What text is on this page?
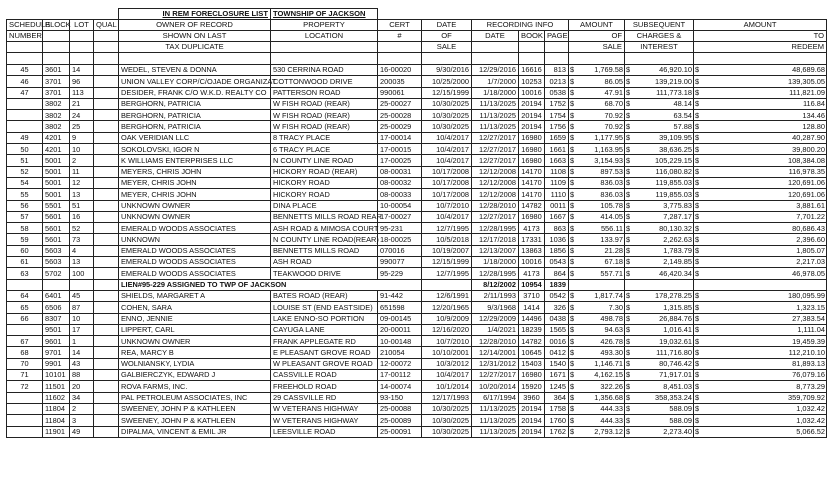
				IN REM FORECLOSURE LIST	TOWNSHIP OF JACKSON											
SCHEDULE	BLOCK	LOT	QUAL	OWNER OF RECORD	PROPERTY	CERT	DATE	RECORDING INFO			AMOUNT		SUBSEQUENT		AMOUNT	
NUMBER				SHOWN ON LAST	LOCATION	#	OF	DATE	BOOK	PAGE	OF		CHARGES &		TO	
				TAX DUPLICATE			SALE				SALE		INTEREST		REDEEM	

45	3601	14		WEDEL, STEVEN & DONNA	530 CERRINA ROAD	16-00020	9/30/2016	12/29/2016	16616	813	$	1,769.58	$	46,920.10	$	48,689.68
46	3701	96		UNION VALLEY CORP/C/OJADE ORGANIZAT	COTTONWOOD DRIVE	200035	10/25/2000	1/7/2000	10253	0213	$	86.05	$	139,219.00	$	139,305.05
47	3701	113		DESIDER, FRANK C/O W.K.D. REALTY CO	PATTERSON ROAD	990061	12/15/1999	1/18/2000	10016	0538	$	47.91	$	111,773.18	$	111,821.09
	3802	21		BERGHORN, PATRICIA	W FISH ROAD (REAR)	25-00027	10/30/2025	11/13/2025	20194	1752	$	68.70	$	48.14	$	116.84
	3802	24		BERGHORN, PATRICIA	W FISH ROAD (REAR)	25-00028	10/30/2025	11/13/2025	20194	1754	$	70.92	$	63.54	$	134.46
	3802	25		BERGHORN, PATRICIA	W FISH ROAD (REAR)	25-00029	10/30/2025	11/13/2025	20194	1756	$	70.92	$	57.88	$	128.80
49	4201	9		OAK VERIDIAN LLC	8 TRACY PLACE	17-00014	10/4/2017	12/27/2017	16980	1659	$	1,177.95	$	39,109.95	$	40,287.90
50	4201	10		SOKOLOVSKI, IGOR N	6 TRACY PLACE	17-00015	10/4/2017	12/27/2017	16980	1661	$	1,163.95	$	38,636.25	$	39,800.20
51	5001	2		K WILLIAMS ENTERPRISES LLC	N COUNTY LINE ROAD	17-00025	10/4/2017	12/27/2017	16980	1663	$	3,154.93	$	105,229.15	$	108,384.08
52	5001	11		MEYERS, CHRIS JOHN	HICKORY ROAD (REAR)	08-00031	10/17/2008	12/12/2008	14170	1108	$	897.53	$	116,080.82	$	116,978.35
54	5001	12		MEYER, CHRIS JOHN	HICKORY ROAD	08-00032	10/17/2008	12/12/2008	14170	1109	$	836.03	$	119,855.03	$	120,691.06
55	5001	13		MEYER, CHRIS JOHN	HICKORY ROAD	08-00033	10/17/2008	12/12/2008	14170	1110	$	836.03	$	119,855.03	$	120,691.06
56	5501	51		UNKNOWN OWNER	DINA PLACE	10-00054	10/7/2010	12/28/2010	14782	0011	$	105.78	$	3,775.83	$	3,881.61
57	5601	16		UNKNOWN OWNER	BENNETTS MILLS ROAD REAR	17-00027	10/4/2017	12/27/2017	16980	1667	$	414.05	$	7,287.17	$	7,701.22
58	5601	52		EMERALD WOODS ASSOCIATES	ASH ROAD & MIMOSA COURT	95-231	12/7/1995	12/28/1995	4173	863	$	556.11	$	80,130.32	$	80,686.43
59	5601	73		UNKNOWN	N COUNTY LINE ROAD(REAR)	18-00025	10/5/2018	12/17/2018	17331	1036	$	133.97	$	2,262.63	$	2,396.60
60	5603	4		EMERALD WOODS ASSOCIATES	BENNETTS MILLS ROAD	070016	10/19/2007	12/13/2007	13863	1856	$	21.28	$	1,783.79	$	1,805.07
61	5603	13		EMERALD WOODS ASSOCIATES	ASH ROAD	990077	12/15/1999	1/18/2000	10016	0543	$	67.18	$	2,149.85	$	2,217.03
63	5702	100		EMERALD WOODS ASSOCIATES	TEAKWOOD DRIVE	95-229	12/7/1995	12/28/1995	4173	864	$	557.71	$	46,420.34	$	46,978.05
				LIEN#95-229 ASSIGNED TO TWP OF JACKSON				8/12/2002	10954	1839						
64	6401	45		SHIELDS, MARGARET A	BATES ROAD (REAR)	91-442	12/6/1991	2/11/1993	3710	0542	$	1,817.74	$	178,278.25	$	180,095.99
65	6506	87		COHEN, SARA	LOUISE ST (END EASTSIDE)	651598	12/20/1965	9/3/1968	1414	326	$	7.30	$	1,315.85	$	1,323.15
66	8307	10		ENNO, JENNIE	LAKE ENNO-SO PORTION	09-00145	10/9/2009	12/29/2009	14496	0438	$	498.78	$	26,884.76	$	27,383.54
	9501	17		LIPPERT, CARL	CAYUGA LANE	20-00011	12/16/2020	1/4/2021	18239	1565	$	94.63	$	1,016.41	$	1,111.04
67	9601	1		UNKNOWN OWNER	FRANK APPLEGATE RD	10-00148	10/7/2010	12/28/2010	14782	0016	$	426.78	$	19,032.61	$	19,459.39
68	9701	14		REA, MARCY B	E PLEASANT GROVE ROAD	210054	10/10/2001	12/14/2001	10645	0412	$	493.30	$	111,716.80	$	112,210.10
70	9901	43		WOLNIANSKY, LYDIA	W PLEASANT GROVE ROAD	12-00072	10/3/2012	12/31/2012	15403	1540	$	1,146.71	$	80,746.42	$	81,893.13
71	10101	88		GALBIERCZYK, EDWARD J	CASSVILLE ROAD	17-00112	10/4/2017	12/27/2017	16980	1671	$	4,162.15	$	71,917.01	$	76,079.16
72	11501	20		ROVA FARMS, INC.	FREEHOLD ROAD	14-00074	10/1/2014	10/20/2014	15920	1245	$	322.26	$	8,451.03	$	8,773.29
	11602	34		PAL PETROLEUM ASSOCIATES, INC	29 CASSVILLE RD	93-150	12/17/1993	6/17/1994	3960	364	$	1,356.68	$	358,353.24	$	359,709.92
	11804	2		SWEENEY, JOHN P & KATHLEEN	W VETERANS HIGHWAY	25-00088	10/30/2025	11/13/2025	20194	1758	$	444.33	$	588.09	$	1,032.42
	11804	3		SWEENEY, JOHN P & KATHLEEN	W VETERANS HIGHWAY	25-00089	10/30/2025	11/13/2025	20194	1760	$	444.33	$	588.09	$	1,032.42
	11901	49		DIPALMA, VINCENT & EMIL JR	LEESVILLE ROAD	25-00091	10/30/2025	11/13/2025	20194	1762	$	2,793.12	$	2,273.40	$	5,066.52
